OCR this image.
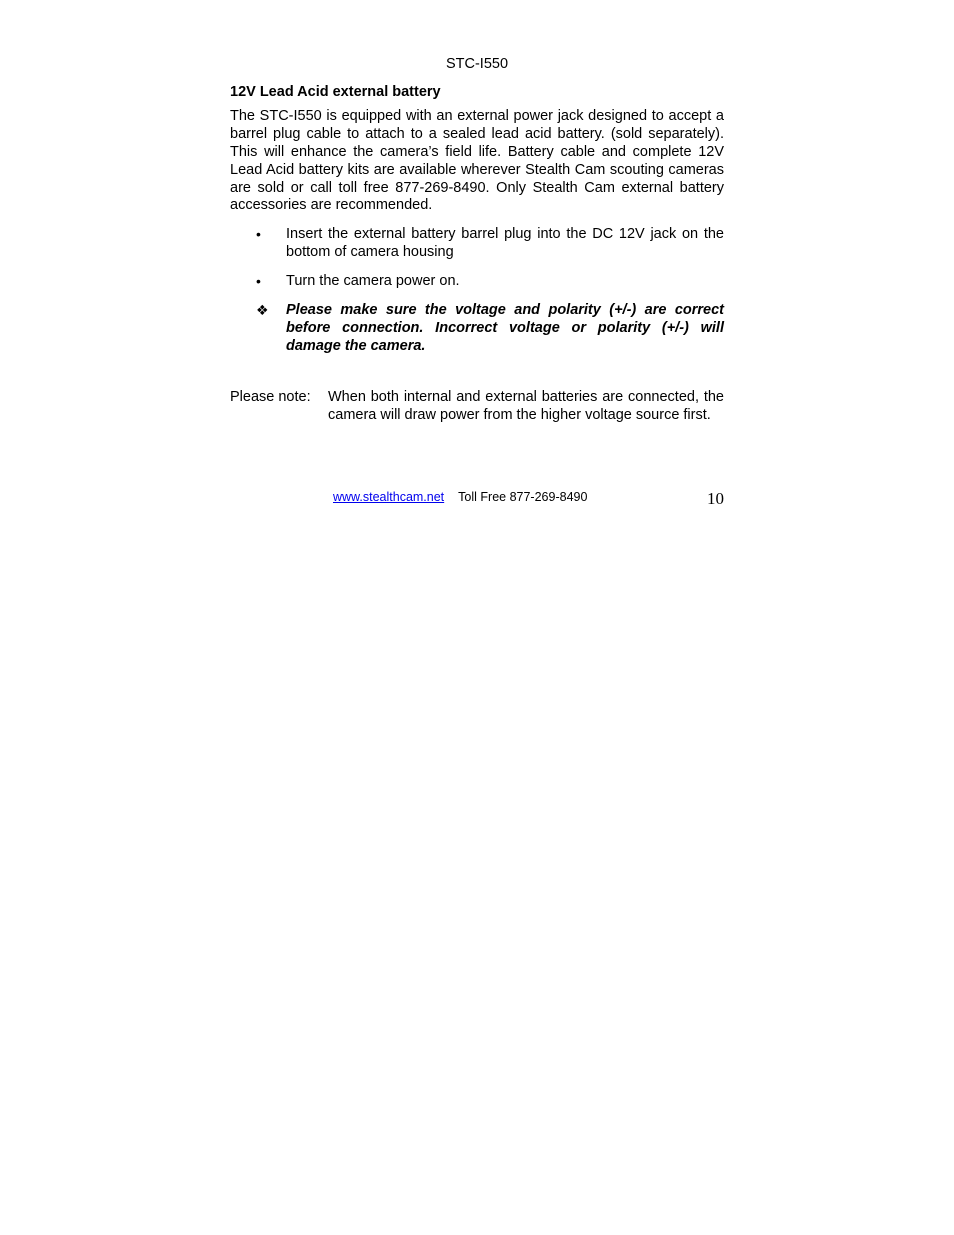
STC-I550
12V Lead Acid external battery

The STC-I550 is equipped with an external power jack designed to accept a barrel plug cable to attach to a sealed lead acid battery. (sold separately). This will enhance the camera’s field life. Battery cable and complete 12V Lead Acid battery kits are available wherever Stealth Cam scouting cameras are sold or call toll free 877-269-8490. Only Stealth Cam external battery accessories are recommended.

•	Insert the external battery barrel plug into the DC 12V jack on the bottom of camera housing
•	Turn the camera power on.
❖	Please make sure the voltage and polarity (+/-) are correct before connection. Incorrect voltage or polarity (+/-) will damage the camera.
Please note:	When both internal and external batteries are connected, the camera will draw power from the higher voltage source first.
www.stealthcam.net Toll Free 877-269-8490	10
